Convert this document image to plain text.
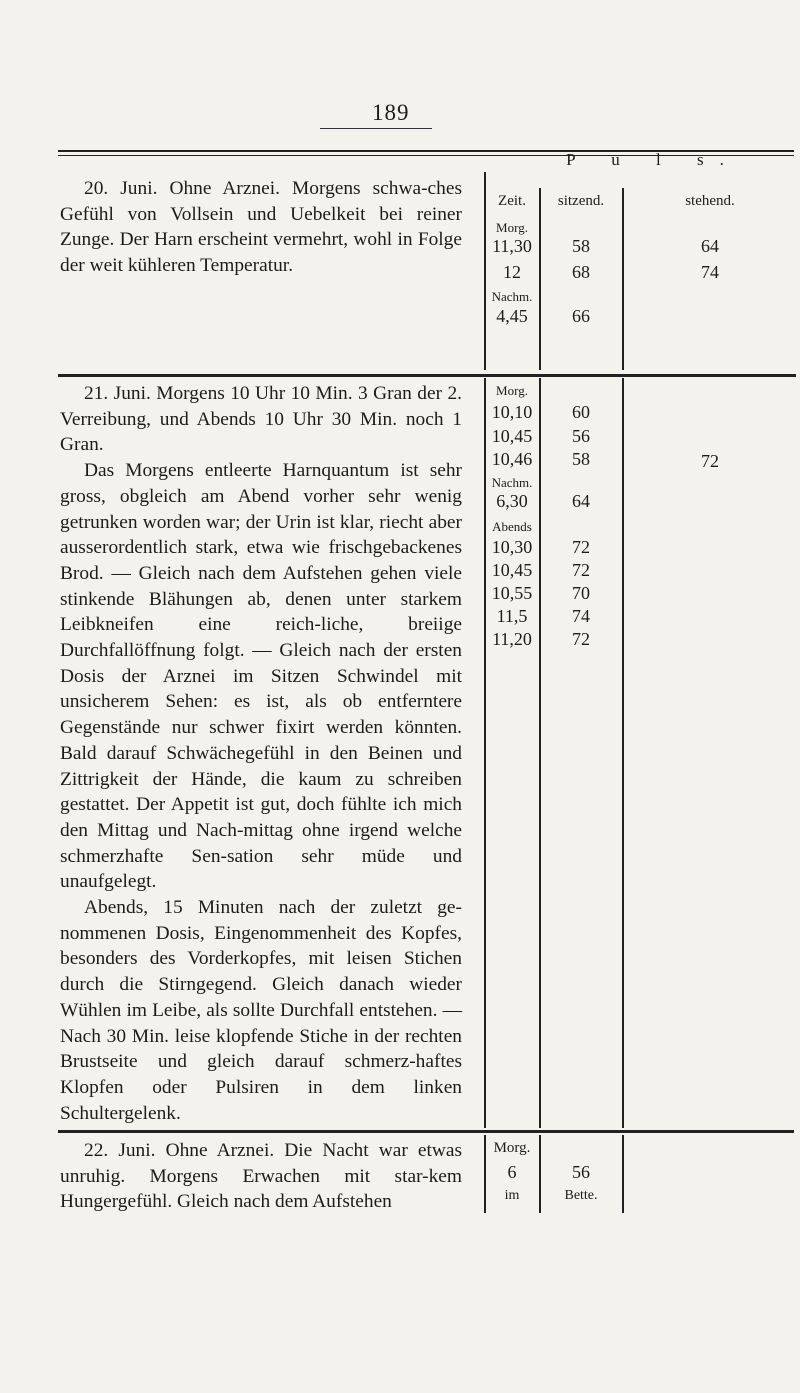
189
P u l s.
Zeit. sitzend.	stehend.

20. Juni. Ohne Arznei. Morgens schwa-ches Gefühl von Vollsein und Uebelkeit bei reiner Zunge. Der Harn erscheint vermehrt, wohl in Folge der weit kühleren Temperatur.

21. Juni. Morgens 10 Uhr 10 Min. 3 Gran der 2. Verreibung, und Abends 10 Uhr 30 Min. noch 1 Gran.

Das Morgens entleerte Harnquantum ist sehr gross, obgleich am Abend vorher sehr wenig getrunken worden war; der Urin ist klar, riecht aber ausserordentlich stark, etwa wie frischgebackenes Brod. — Gleich nach dem Aufstehen gehen viele stinkende Blähungen ab, denen unter starkem Leibkneifen eine reich-liche, breiige Durchfallöffnung folgt. — Gleich nach der ersten Dosis der Arznei im Sitzen Schwindel mit unsicherem Sehen: es ist, als ob entferntere Gegenstände nur schwer fixirt werden könnten. Bald darauf Schwächegefühl in den Beinen und Zittrigkeit der Hände, die kaum zu schreiben gestattet. Der Appetit ist gut, doch fühlte ich mich den Mittag und Nach-mittag ohne irgend welche schmerzhafte Sen-sation sehr müde und unaufgelegt.

Abends, 15 Minuten nach der zuletzt ge-nommenen Dosis, Eingenommenheit des Kopfes, besonders des Vorderkopfes, mit leisen Stichen durch die Stirngegend. Gleich danach wieder Wühlen im Leibe, als sollte Durchfall entstehen. — Nach 30 Min. leise klopfende Stiche in der rechten Brustseite und gleich darauf schmerz-haftes Klopfen oder Pulsiren in dem linken Schultergelenk.

22. Juni. Ohne Arznei. Die Nacht war etwas unruhig. Morgens Erwachen mit star-kem Hungergefühl. Gleich nach dem Aufstehen

Morg.
11,30 58	64
12	68	74
Nachm.
4,45 66
Morg.
10,10 60
10,45 56
10,46 58	72
Nachm.
6,30 64
Abends
10,30 72
10,45 72
10,55 70
11,5 74
11,20 72
Morg.
6	56
im	Bette.
